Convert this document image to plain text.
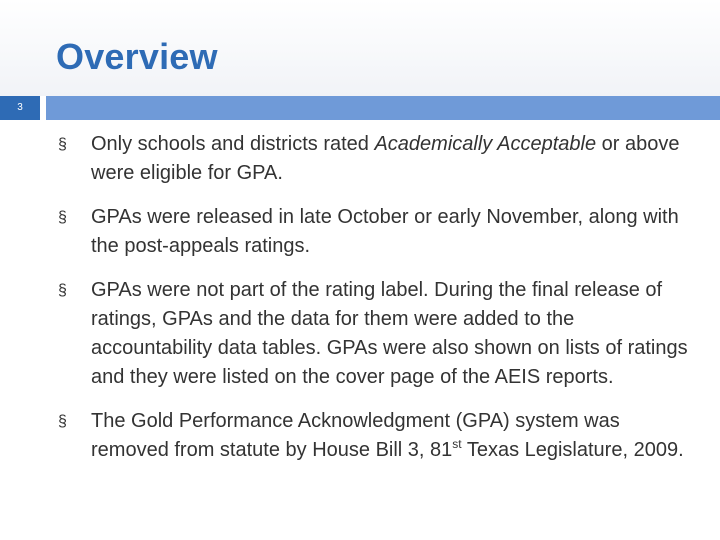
Overview
3
§ Only schools and districts rated Academically Acceptable or above were eligible for GPA.
§ GPAs were released in late October or early November, along with the post-appeals ratings.
§ GPAs were not part of the rating label. During the final release of ratings, GPAs and the data for them were added to the accountability data tables. GPAs were also shown on lists of ratings and they were listed on the cover page of the AEIS reports.
§ The Gold Performance Acknowledgment (GPA) system was removed from statute by House Bill 3, 81st Texas Legislature, 2009.
